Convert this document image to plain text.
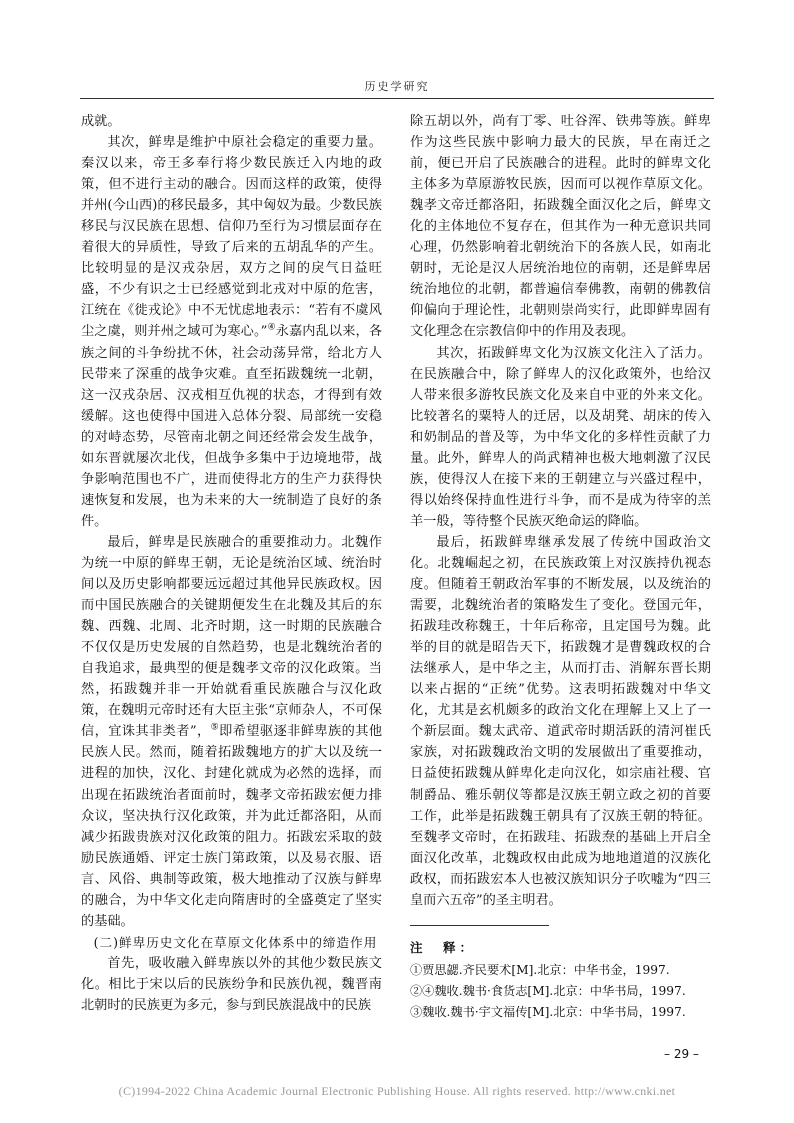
历史学研究

成就。

其次，鲜卑是维护中原社会稳定的重要力量。秦汉以来，帝王多奉行将少数民族迁入内地的政策，但不进行主动的融合。因而这样的政策，使得并州(今山西)的移民最多，其中匈奴为最。少数民族移民与汉民族在思想、信仰乃至行为习惯层面存在着很大的异质性，导致了后来的五胡乱华的产生。比较明显的是汉戎杂居，双方之间的戾气日益旺盛，不少有识之士已经感觉到北戎对中原的危害，江统在《徙戎论》中不无忧虑地表示：“若有不虞风尘之虞，则并州之域可为寒心。”④永嘉内乱以来，各族之间的斗争纷扰不休，社会动荡异常，给北方人民带来了深重的战争灾难。直至拓跋魏统一北朝，这一汉戎杂居、汉戎相互仇视的状态，才得到有效缓解。这也使得中国进入总体分裂、局部统一安稳的对峙态势，尽管南北朝之间还经常会发生战争，如东晋就屡次北伐，但战争多集中于边境地带，战争影响范围也不广，进而使得北方的生产力获得快速恢复和发展，也为未来的大一统制造了良好的条件。

最后，鲜卑是民族融合的重要推动力。北魏作为统一中原的鲜卑王朝，无论是统治区域、统治时间以及历史影响都要远远超过其他异民族政权。因而中国民族融合的关键期便发生在北魏及其后的东魏、西魏、北周、北齐时期，这一时期的民族融合不仅仅是历史发展的自然趋势，也是北魏统治者的自我追求，最典型的便是魏孝文帝的汉化政策。当然，拓跋魏并非一开始就看重民族融合与汉化政策，在魏明元帝时还有大臣主张“京师杂人，不可保信，宜诛其非类者”，⑤即希望驱逐非鲜卑族的其他民族人民。然而，随着拓跋魏地方的扩大以及统一进程的加快，汉化、封建化就成为必然的选择，而出现在拓跋统治者面前时，魏孝文帝拓跋宏便力排众议，坚决执行汉化政策，并为此迁都洛阳，从而减少拓跋贵族对汉化政策的阻力。拓跋宏采取的鼓励民族通婚、评定士族门第政策，以及易衣服、语言、风俗、典制等政策，极大地推动了汉族与鲜卑的融合，为中华文化走向隋唐时的全盛奠定了坚实的基础。

(二)鲜卑历史文化在草原文化体系中的缔造作用

首先，吸收融入鲜卑族以外的其他少数民族文化。相比于宋以后的民族纷争和民族仇视，魏晋南北朝时的民族更为多元，参与到民族混战中的民族

除五胡以外，尚有丁零、吐谷浑、铁弗等族。鲜卑作为这些民族中影响力最大的民族，早在南迁之前，便已开启了民族融合的进程。此时的鲜卑文化主体多为草原游牧民族，因而可以视作草原文化。魏孝文帝迁都洛阳，拓跋魏全面汉化之后，鲜卑文化的主体地位不复存在，但其作为一种无意识共同心理，仍然影响着北朝统治下的各族人民，如南北朝时，无论是汉人居统治地位的南朝，还是鲜卑居统治地位的北朝，都普遍信奉佛教，南朝的佛教信仰偏向于理论性，北朝则崇尚实行，此即鲜卑固有文化理念在宗教信仰中的作用及表现。

其次，拓跋鲜卑文化为汉族文化注入了活力。在民族融合中，除了鲜卑人的汉化政策外，也给汉人带来很多游牧民族文化及来自中亚的外来文化。比较著名的粟特人的迁居，以及胡凳、胡床的传入和奶制品的普及等，为中华文化的多样性贡献了力量。此外，鲜卑人的尚武精神也极大地刺激了汉民族，使得汉人在接下来的王朝建立与兴盛过程中，得以始终保持血性进行斗争，而不是成为待宰的羔羊一般，等待整个民族灭绝命运的降临。

最后，拓跋鲜卑继承发展了传统中国政治文化。北魏崛起之初，在民族政策上对汉族持仇视态度。但随着王朝政治军事的不断发展，以及统治的需要，北魏统治者的策略发生了变化。登国元年，拓跋珪改称魏王，十年后称帝，且定国号为魏。此举的目的就是昭告天下，拓跋魏才是曹魏政权的合法继承人，是中华之主，从而打击、消解东晋长期以来占据的“正统”优势。这表明拓跋魏对中华文化，尤其是玄机颇多的政治文化在理解上又上了一个新层面。魏太武帝、道武帝时期活跃的清河崔氏家族，对拓跋魏政治文明的发展做出了重要推动，日益使拓跋魏从鲜卑化走向汉化，如宗庙社稷、官制爵品、雅乐朝仪等都是汉族王朝立政之初的首要工作，此举是拓跋魏王朝具有了汉族王朝的特征。至魏孝文帝时，在拓跋珪、拓跋焘的基础上开启全面汉化改革，北魏政权由此成为地地道道的汉族化政权，而拓跋宏本人也被汉族知识分子吹嘘为“四三皇而六五帝”的圣主明君。

注　释：
①贾思勰.齐民要术[M].北京：中华书金，1997.
②④魏收.魏书·食货志[M].北京：中华书局，1997.
③魏收.魏书·宇文福传[M].北京：中华书局，1997.
– 29 –
(C)1994-2022 China Academic Journal Electronic Publishing House. All rights reserved. http://www.cnki.net
